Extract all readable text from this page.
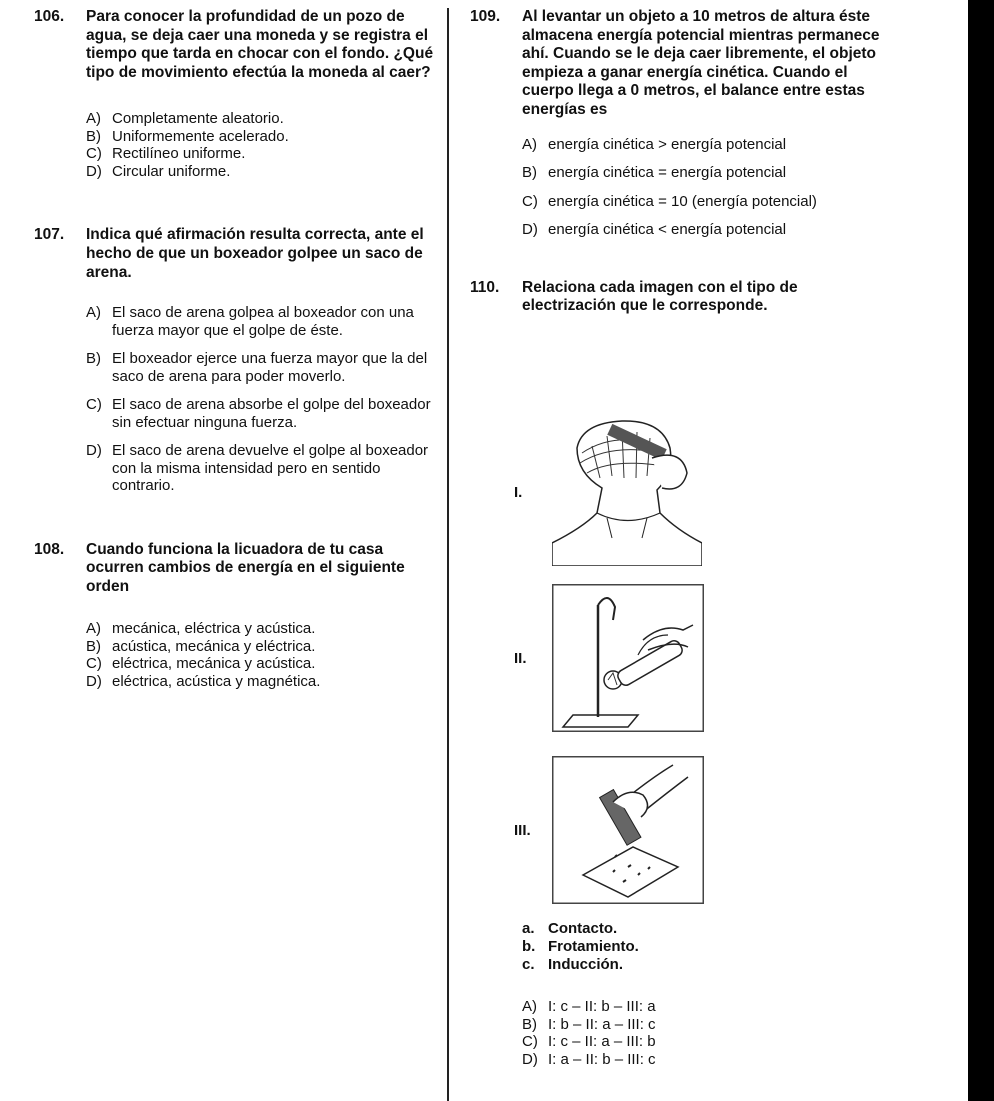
106.	Para conocer la profundidad de un pozo de agua, se deja caer una moneda y se registra el tiempo que tarda en chocar con el fondo. ¿Qué tipo de movimiento efectúa la moneda al caer?

A) Completamente aleatorio.
B) Uniformemente acelerado.
C) Rectilíneo uniforme.
D) Circular uniforme.

107.	Indica qué afirmación resulta correcta, ante el hecho de que un boxeador golpee un saco de arena.

A) El saco de arena golpea al boxeador con una fuerza mayor que el golpe de éste.
B) El boxeador ejerce una fuerza mayor que la del saco de arena para poder moverlo.
C) El saco de arena absorbe el golpe del boxeador sin efectuar ninguna fuerza.
D) El saco de arena devuelve el golpe al boxeador con la misma intensidad pero en sentido contrario.

108.	Cuando funciona la licuadora de tu casa ocurren cambios de energía en el siguiente orden

A) mecánica, eléctrica y acústica.
B) acústica, mecánica y eléctrica.
C) eléctrica, mecánica y acústica.
D) eléctrica, acústica y magnética.

109.	Al levantar un objeto a 10 metros de altura éste almacena energía potencial mientras permanece ahí. Cuando se le deja caer libremente, el objeto empieza a ganar energía cinética. Cuando el cuerpo llega a 0 metros, el balance entre estas energías es

A) energía cinética > energía potencial
B) energía cinética = energía potencial
C) energía cinética = 10 (energía potencial)
D) energía cinética < energía potencial

110.	Relaciona cada imagen con el tipo de electrización que le corresponde.

I.
II.
III.
a. Contacto.
b. Frotamiento.
c. Inducción.
A) I: c – II: b – III: a
B) I: b – II: a – III: c
C) I: c – II: a – III: b
D) I: a – II: b – III: c
